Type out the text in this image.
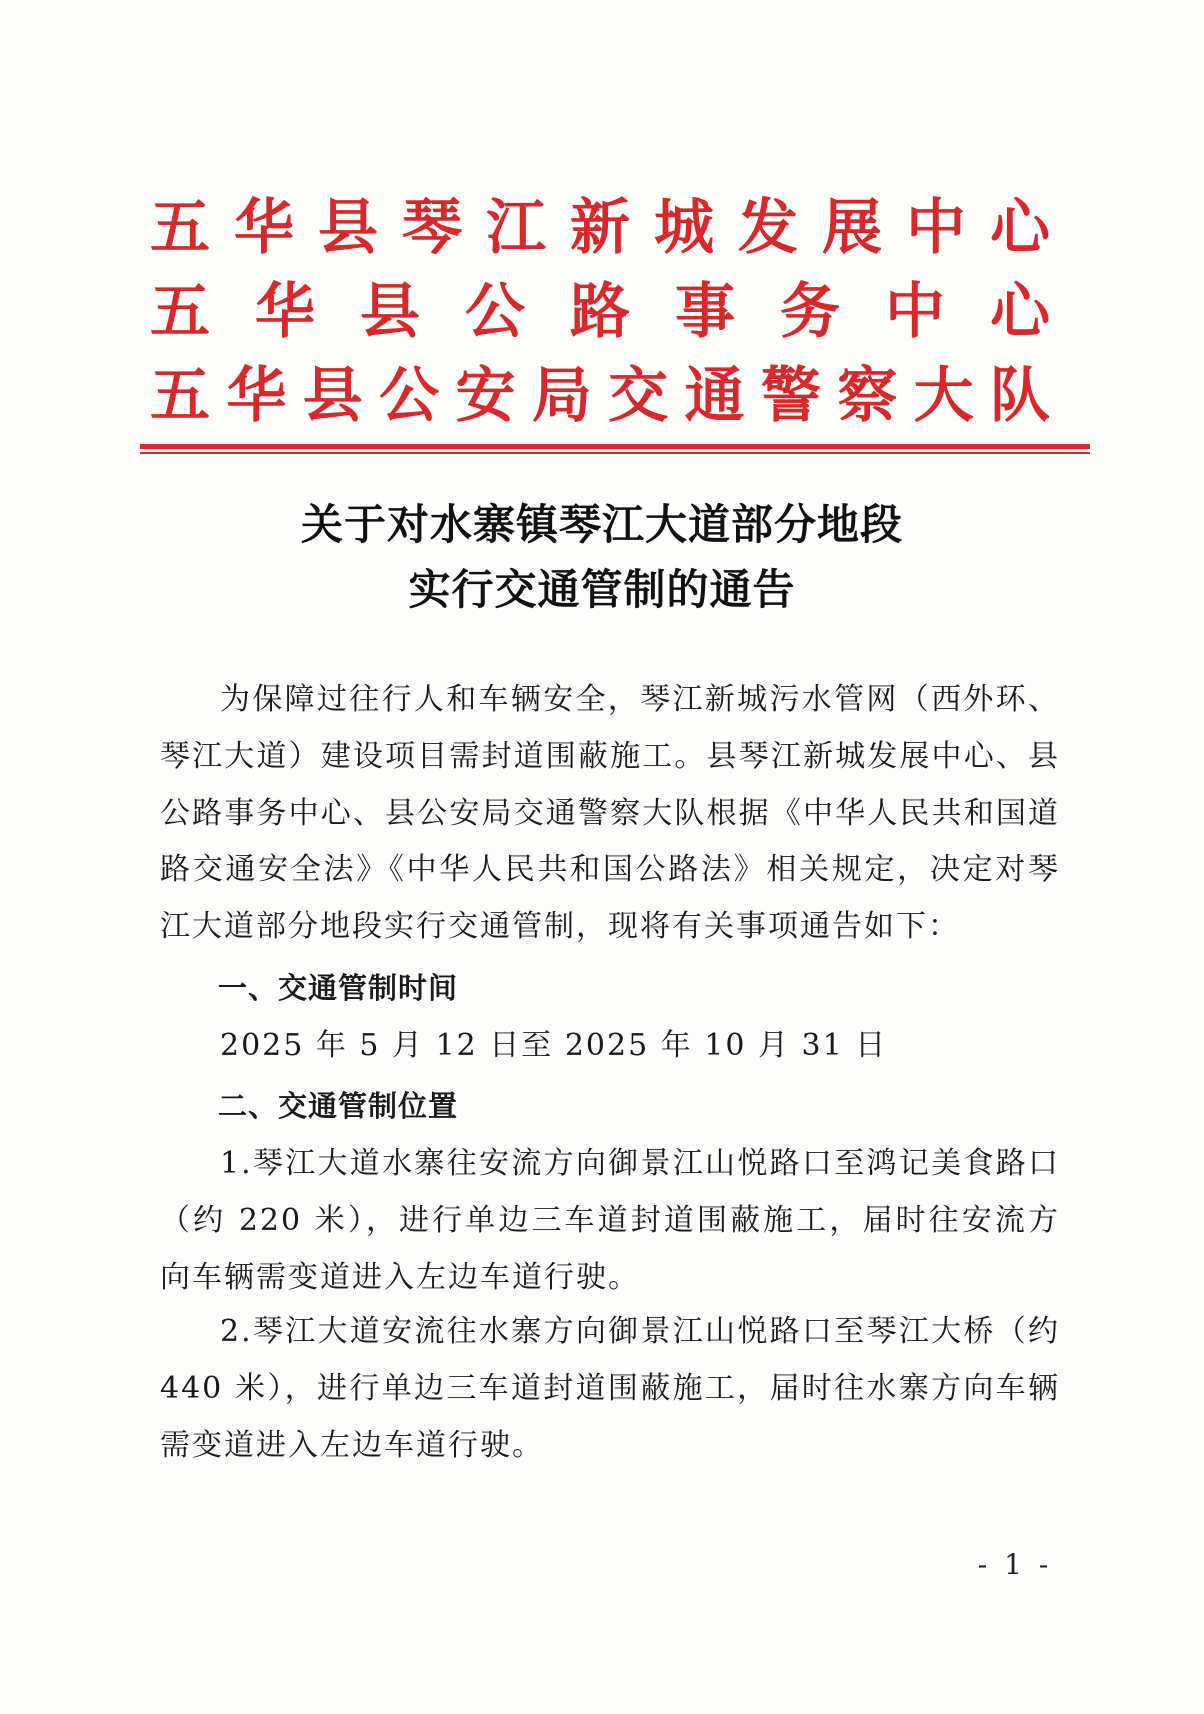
五华县琴江新城发展中心
五华县公路事务中心
五华县公安局交通警察大队
关于对水寨镇琴江大道部分地段
实行交通管制的通告

为保障过往行人和车辆安全，琴江新城污水管网（西外环、琴江大道）建设项目需封道围蔽施工。县琴江新城发展中心、县公路事务中心、县公安局交通警察大队根据《中华人民共和国道路交通安全法》《中华人民共和国公路法》相关规定，决定对琴江大道部分地段实行交通管制，现将有关事项通告如下：

一、交通管制时间

2025 年 5 月 12 日至 2025 年 10 月 31 日

二、交通管制位置

1.琴江大道水寨往安流方向御景江山悦路口至鸿记美食路口（约 220 米），进行单边三车道封道围蔽施工，届时往安流方向车辆需变道进入左边车道行驶。

2.琴江大道安流往水寨方向御景江山悦路口至琴江大桥（约 440 米），进行单边三车道封道围蔽施工，届时往水寨方向车辆需变道进入左边车道行驶。

- 1 -
